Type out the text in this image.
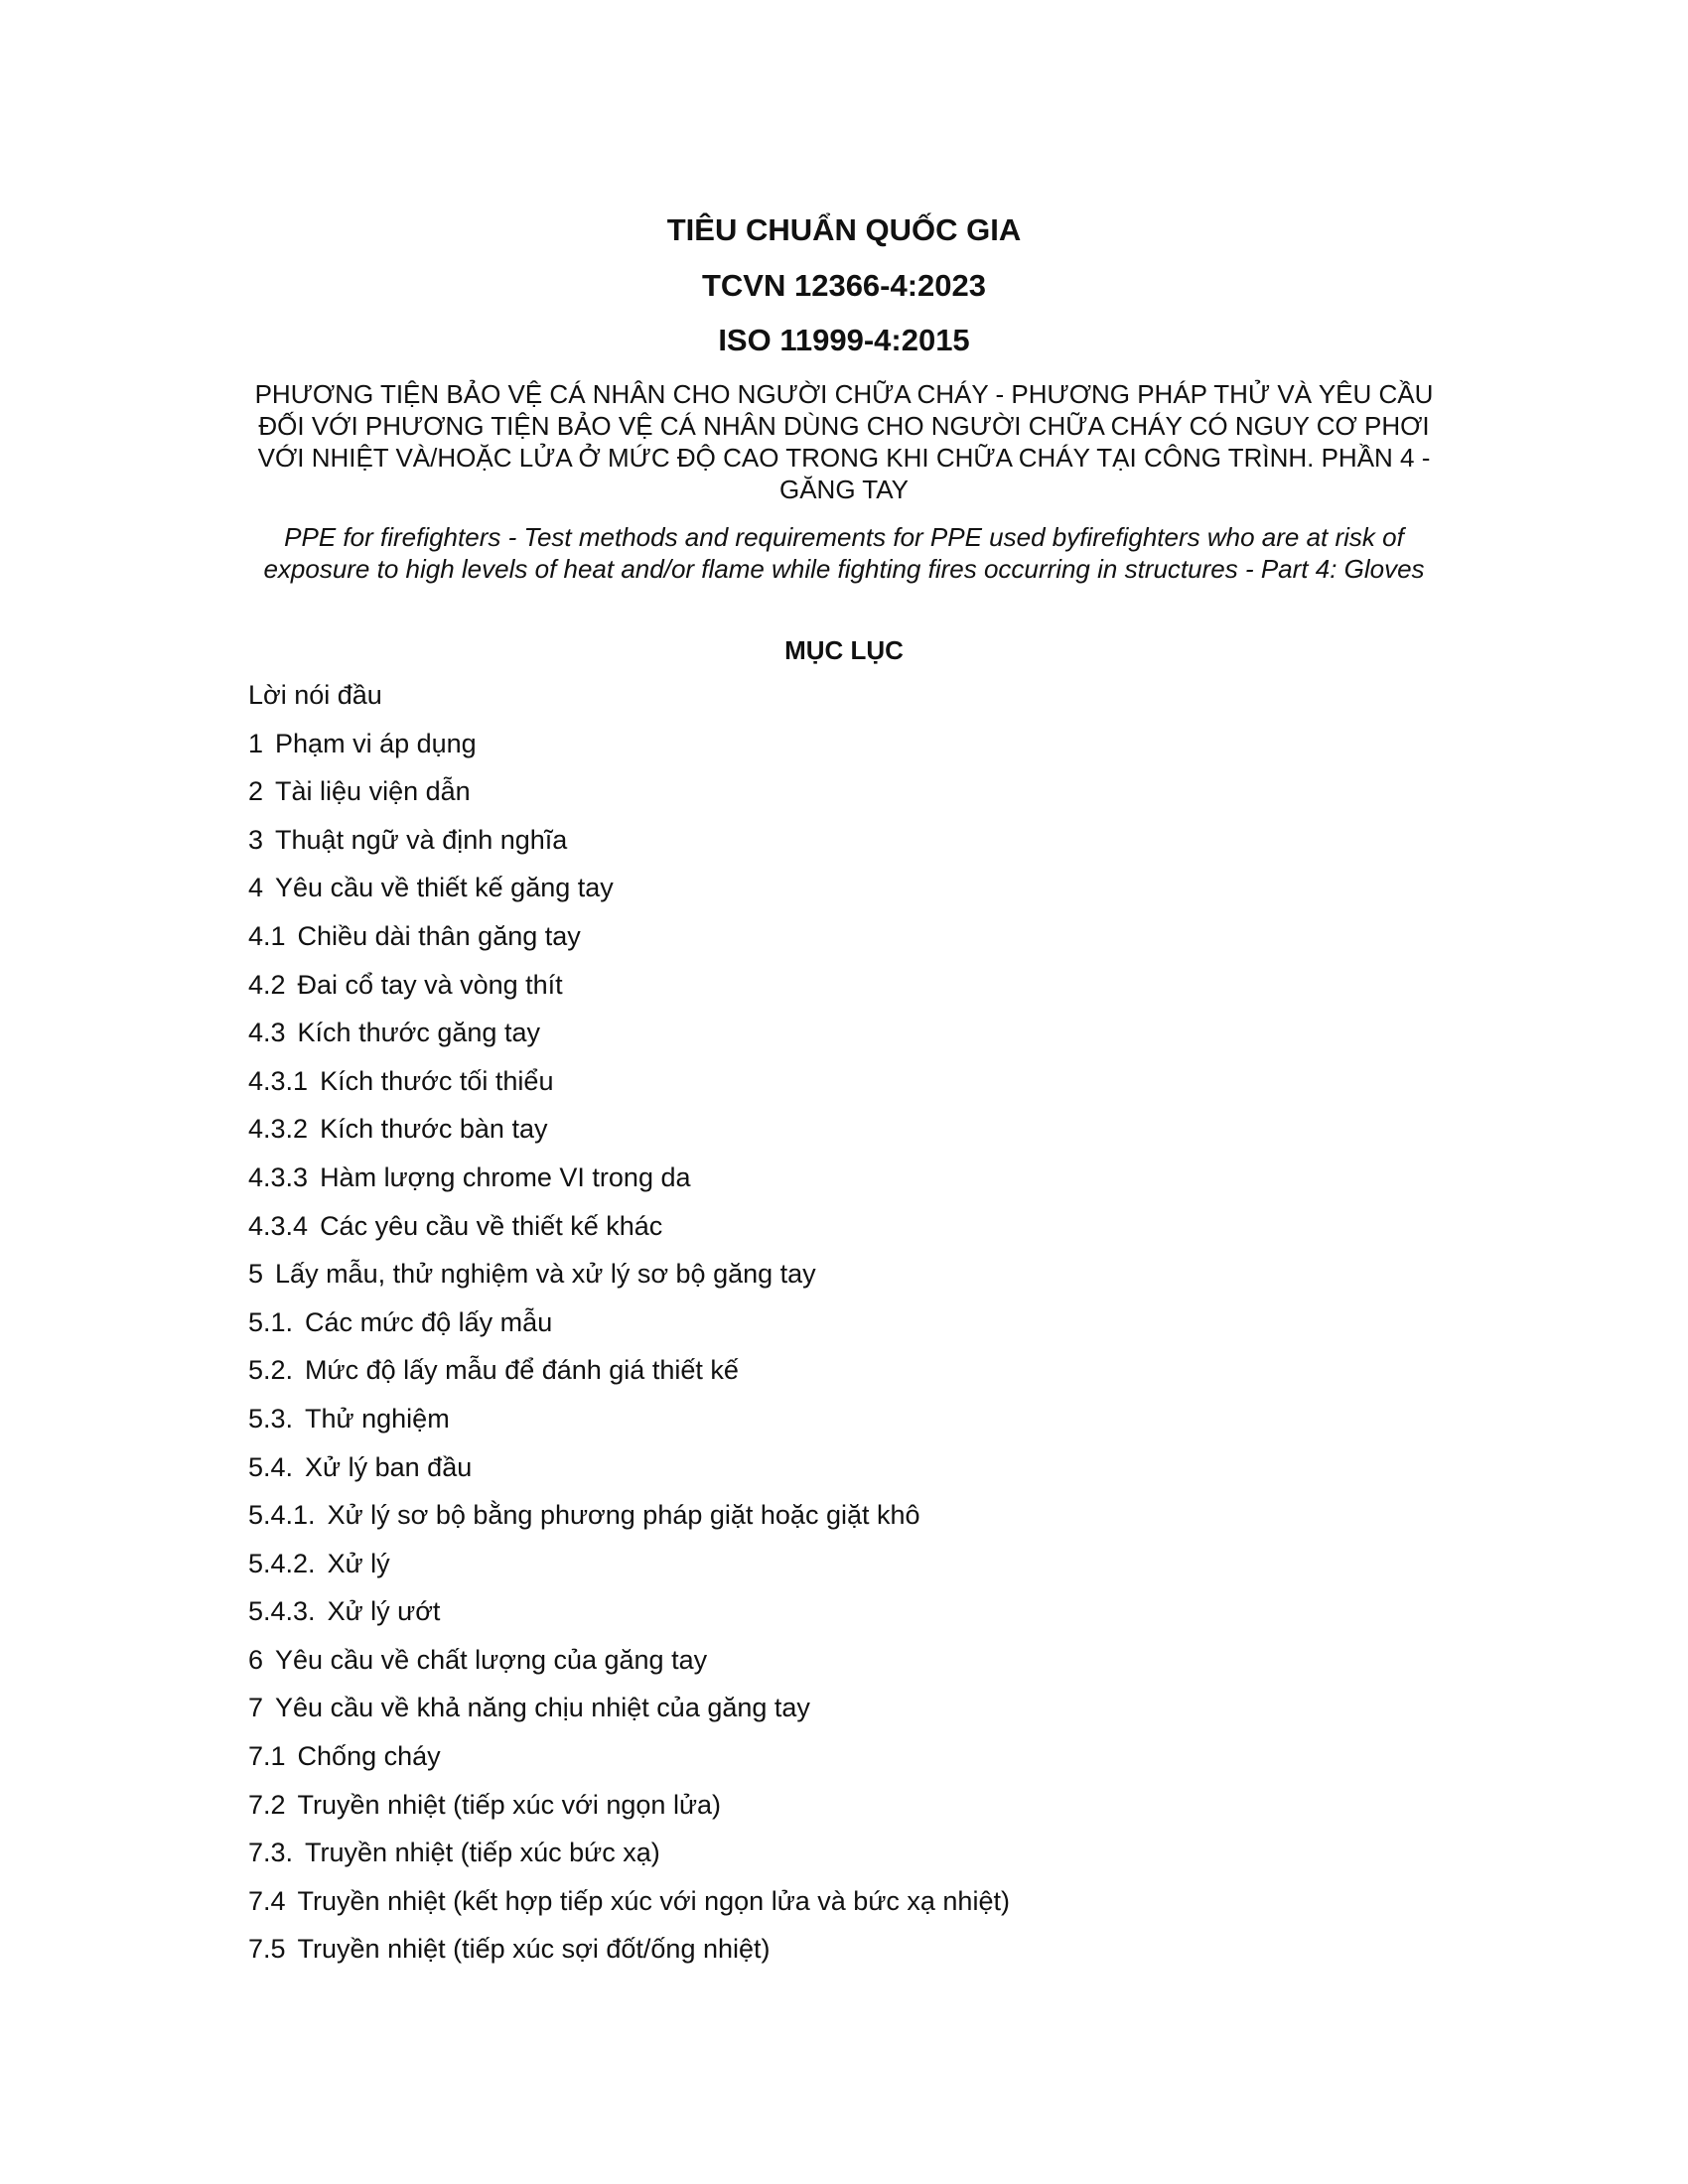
TIÊU CHUẨN QUỐC GIA
TCVN 12366-4:2023
ISO 11999-4:2015
PHƯƠNG TIỆN BẢO VỆ CÁ NHÂN CHO NGƯỜI CHỮA CHÁY - PHƯƠNG PHÁP THỬ VÀ YÊU CẦU ĐỐI VỚI PHƯƠNG TIỆN BẢO VỆ CÁ NHÂN DÙNG CHO NGƯỜI CHỮA CHÁY CÓ NGUY CƠ PHƠI VỚI NHIỆT VÀ/HOẶC LỬA Ở MỨC ĐỘ CAO TRONG KHI CHỮA CHÁY TẠI CÔNG TRÌNH. PHẦN 4 - GĂNG TAY
PPE for firefighters - Test methods and requirements for PPE used byfirefighters who are at risk of exposure to high levels of heat and/or flame while fighting fires occurring in structures - Part 4: Gloves
MỤC LỤC
Lời nói đầu
1 Phạm vi áp dụng
2 Tài liệu viện dẫn
3 Thuật ngữ và định nghĩa
4 Yêu cầu về thiết kế găng tay
4.1 Chiều dài thân găng tay
4.2 Đai cổ tay và vòng thít
4.3 Kích thước găng tay
4.3.1 Kích thước tối thiểu
4.3.2 Kích thước bàn tay
4.3.3 Hàm lượng chrome VI trong da
4.3.4 Các yêu cầu về thiết kế khác
5 Lấy mẫu, thử nghiệm và xử lý sơ bộ găng tay
5.1. Các mức độ lấy mẫu
5.2. Mức độ lấy mẫu để đánh giá thiết kế
5.3. Thử nghiệm
5.4. Xử lý ban đầu
5.4.1. Xử lý sơ bộ bằng phương pháp giặt hoặc giặt khô
5.4.2. Xử lý
5.4.3. Xử lý ướt
6 Yêu cầu về chất lượng của găng tay
7 Yêu cầu về khả năng chịu nhiệt của găng tay
7.1 Chống cháy
7.2 Truyền nhiệt (tiếp xúc với ngọn lửa)
7.3. Truyền nhiệt (tiếp xúc bức xạ)
7.4 Truyền nhiệt (kết hợp tiếp xúc với ngọn lửa và bức xạ nhiệt)
7.5 Truyền nhiệt (tiếp xúc sợi đốt/ống nhiệt)
